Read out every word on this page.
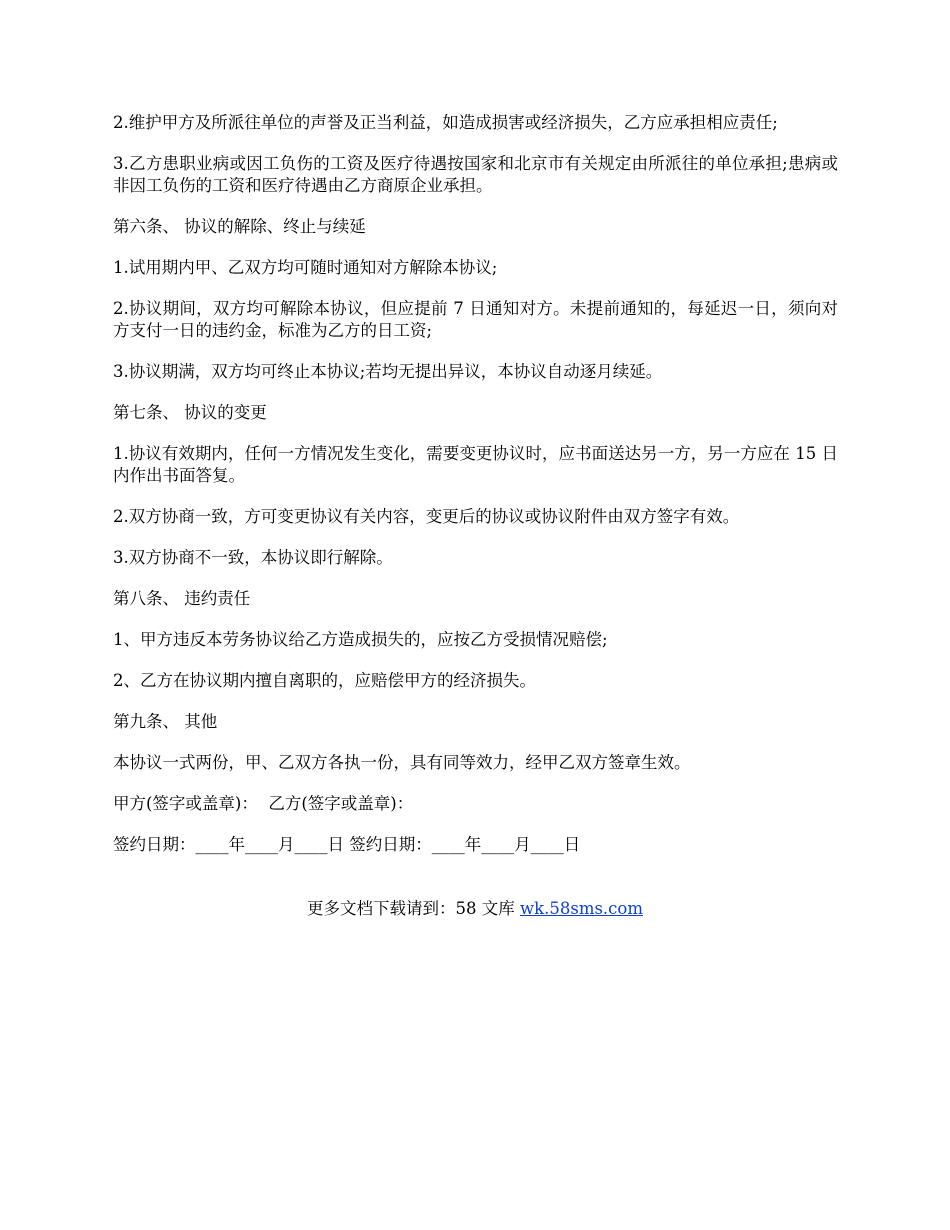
2.维护甲方及所派往单位的声誉及正当利益，如造成损害或经济损失，乙方应承担相应责任;

3.乙方患职业病或因工负伤的工资及医疗待遇按国家和北京市有关规定由所派往的单位承担;患病或非因工负伤的工资和医疗待遇由乙方商原企业承担。

第六条、 协议的解除、终止与续延

1.试用期内甲、乙双方均可随时通知对方解除本协议;

2.协议期间，双方均可解除本协议，但应提前 7 日通知对方。未提前通知的，每延迟一日，须向对方支付一日的违约金，标准为乙方的日工资;

3.协议期满，双方均可终止本协议;若均无提出异议，本协议自动逐月续延。

第七条、 协议的变更

1.协议有效期内，任何一方情况发生变化，需要变更协议时，应书面送达另一方，另一方应在 15 日内作出书面答复。

2.双方协商一致，方可变更协议有关内容，变更后的协议或协议附件由双方签字有效。

3.双方协商不一致，本协议即行解除。

第八条、 违约责任

1、甲方违反本劳务协议给乙方造成损失的，应按乙方受损情况赔偿;

2、乙方在协议期内擅自离职的，应赔偿甲方的经济损失。

第九条、 其他

本协议一式两份，甲、乙双方各执一份，具有同等效力，经甲乙双方签章生效。

甲方(签字或盖章)：  乙方(签字或盖章)：

签约日期：____年____月____日 签约日期：____年____月____日

更多文档下载请到：58 文库 wk.58sms.com
